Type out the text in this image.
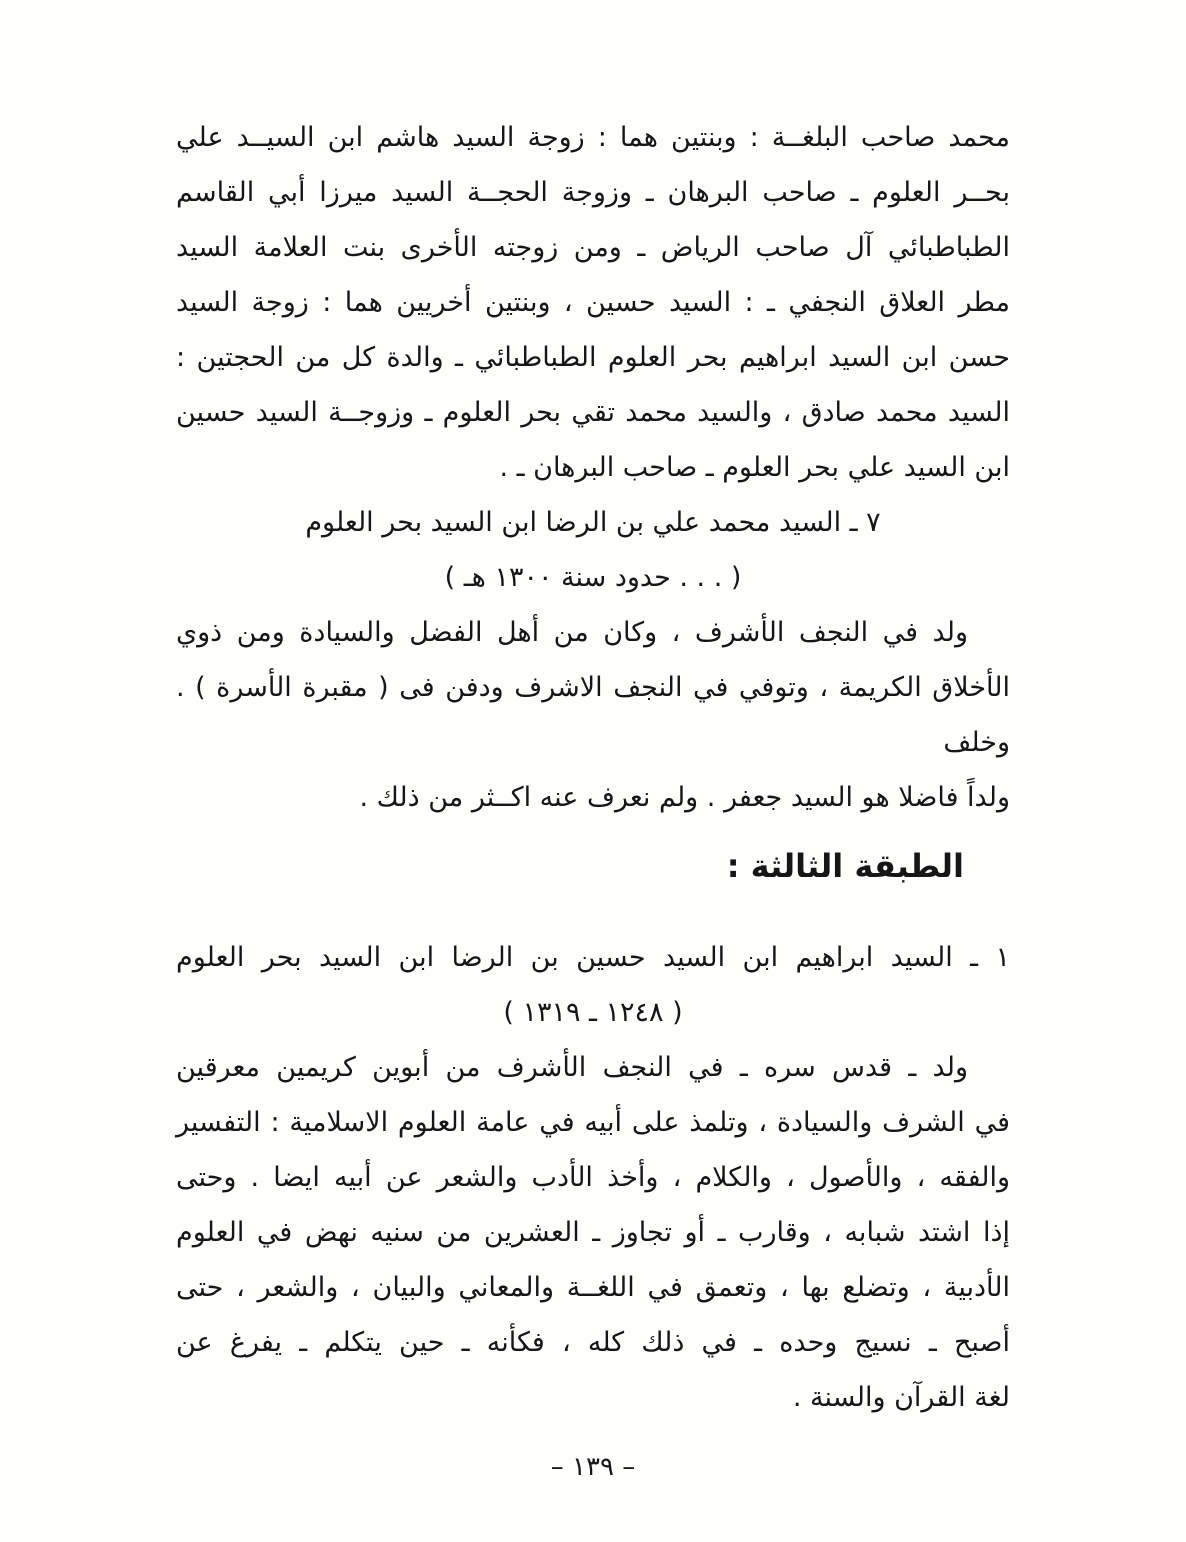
محمد صاحب البلغــة : وبنتين هما : زوجة السيد هاشم ابن السيــد علي

بحــر العلوم ـ صاحب البرهان ـ وزوجة الحجــة السيد ميرزا أبي القاسم

الطباطبائي آل صاحب الرياض ـ ومن زوجته الأخرى بنت العلامة السيد

مطر العلاق النجفي ـ : السيد حسين ، وبنتين أخريين هما : زوجة السيد

حسن ابن السيد ابراهيم بحر العلوم الطباطبائي ـ والدة كل من الحجتين :

السيد محمد صادق ، والسيد محمد تقي بحر العلوم ـ وزوجــة السيد حسين

ابن السيد علي بحر العلوم ـ صاحب البرهان ـ .

٧ ـ السيد محمد علي بن الرضا ابن السيد بحر العلوم

( . . . حدود سنة ١٣٠٠ هـ )

ولد في النجف الأشرف ، وكان من أهل الفضل والسيادة ومن ذوي

الأخلاق الكريمة ، وتوفي في النجف الاشرف ودفن فى ( مقبرة الأسرة ) . وخلف

ولداً فاضلا هو السيد جعفر . ولم نعرف عنه اكــثر من ذلك .

الطبقة الثالثة :

١ ـ السيد ابراهيم ابن السيد حسين بن الرضا ابن السيد بحر العلوم

( ١٢٤٨ ـ ١٣١٩ )

ولد ـ قدس سره ـ في النجف الأشرف من أبوين كريمين معرقين

في الشرف والسيادة ، وتلمذ على أبيه في عامة العلوم الاسلامية : التفسير

والفقه ، والأصول ، والكلام ، وأخذ الأدب والشعر عن أبيه ايضا . وحتى

إذا اشتد شبابه ، وقارب ـ أو تجاوز ـ العشرين من سنيه نهض في العلوم

الأدبية ، وتضلع بها ، وتعمق في اللغــة والمعاني والبيان ، والشعر ، حتى

أصبح ـ نسيج وحده ـ في ذلك كله ، فكأنه ـ حين يتكلم ـ يفرغ عن

لغة القرآن والسنة .

– ١٣٩ –
